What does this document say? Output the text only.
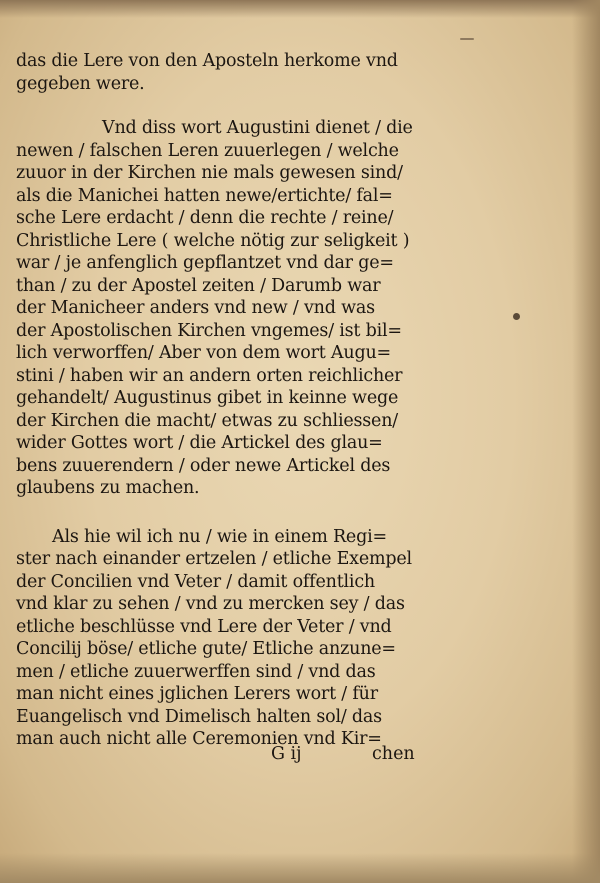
das die Lere von den Aposteln herkome vnd
gegeben were.
Vnd diss wort Augustini dienet / die
newen / falschen Leren zuuerlegen / welche
zuuor in der Kirchen nie mals gewesen sind/
als die Manichei hatten newe/ertichte/ fal=
sche Lere erdacht / denn die rechte / reine/
Christliche Lere ( welche nötig zur seligkeit )
war / je anfenglich gepflantzet vnd dar ge=
than / zu der Apostel zeiten / Darumb war
der Manicheer anders vnd new / vnd was
der Apostolischen Kirchen vngemes/ ist bil=
lich verworffen/ Aber von dem wort Augu=
stini / haben wir an andern orten reichlicher
gehandelt/ Augustinus gibet in keinne wege
der Kirchen die macht/ etwas zu schliessen/
wider Gottes wort / die Artickel des glau=
bens zuuerendern / oder newe Artickel des
glaubens zu machen.
Als hie wil ich nu / wie in einem Regi=
ster nach einander ertzelen / etliche Exempel
der Concilien vnd Veter / damit offentlich
vnd klar zu sehen / vnd zu mercken sey / das
etliche beschlüsse vnd Lere der Veter / vnd
Concilij böse/ etliche gute/ Etliche anzune=
men / etliche zuuerwerffen sind / vnd das
man nicht eines jglichen Lerers wort / für
Euangelisch vnd Dimelisch halten sol/ das
man auch nicht alle Ceremonien vnd Kir=
G ij	chen
